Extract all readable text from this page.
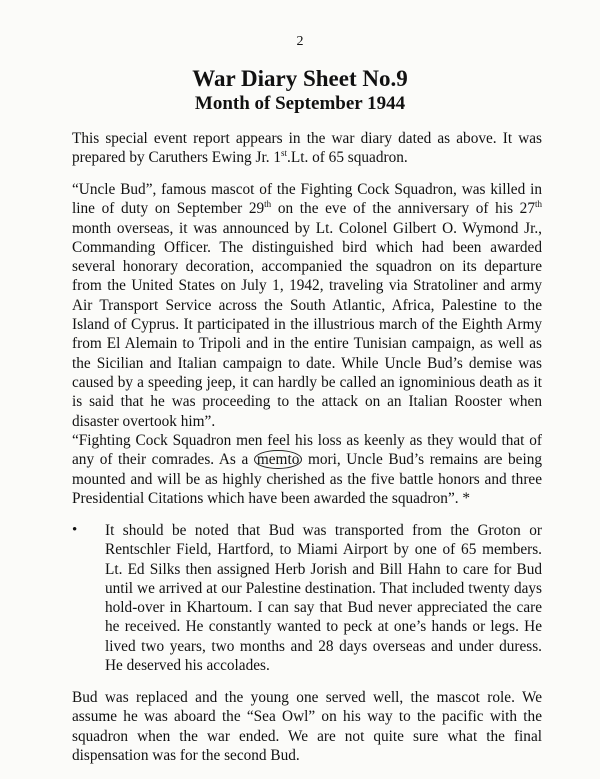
2
War Diary Sheet No.9
Month of September 1944
This special event report appears in the war diary dated as above. It was prepared by Caruthers Ewing Jr. 1st.Lt. of 65 squadron.
“Uncle Bud”, famous mascot of the Fighting Cock Squadron, was killed in line of duty on September 29th on the eve of the anniversary of his 27th month overseas, it was announced by Lt. Colonel Gilbert O. Wymond Jr., Commanding Officer. The distinguished bird which had been awarded several honorary decoration, accompanied the squadron on its departure from the United States on July 1, 1942, traveling via Stratoliner and army Air Transport Service across the South Atlantic, Africa, Palestine to the Island of Cyprus. It participated in the illustrious march of the Eighth Army from El Alemain to Tripoli and in the entire Tunisian campaign, as well as the Sicilian and Italian campaign to date. While Uncle Bud’s demise was caused by a speeding jeep, it can hardly be called an ignominious death as it is said that he was proceeding to the attack on an Italian Rooster when disaster overtook him”.
“Fighting Cock Squadron men feel his loss as keenly as they would that of any of their comrades. As a memto mori, Uncle Bud’s remains are being mounted and will be as highly cherished as the five battle honors and three Presidential Citations which have been awarded the squadron”. *
• It should be noted that Bud was transported from the Groton or Rentschler Field, Hartford, to Miami Airport by one of 65 members. Lt. Ed Silks then assigned Herb Jorish and Bill Hahn to care for Bud until we arrived at our Palestine destination. That included twenty days hold-over in Khartoum. I can say that Bud never appreciated the care he received. He constantly wanted to peck at one’s hands or legs. He lived two years, two months and 28 days overseas and under duress. He deserved his accolades.
Bud was replaced and the young one served well, the mascot role. We assume he was aboard the “Sea Owl” on his way to the pacific with the squadron when the war ended. We are not quite sure what the final dispensation was for the second Bud.
